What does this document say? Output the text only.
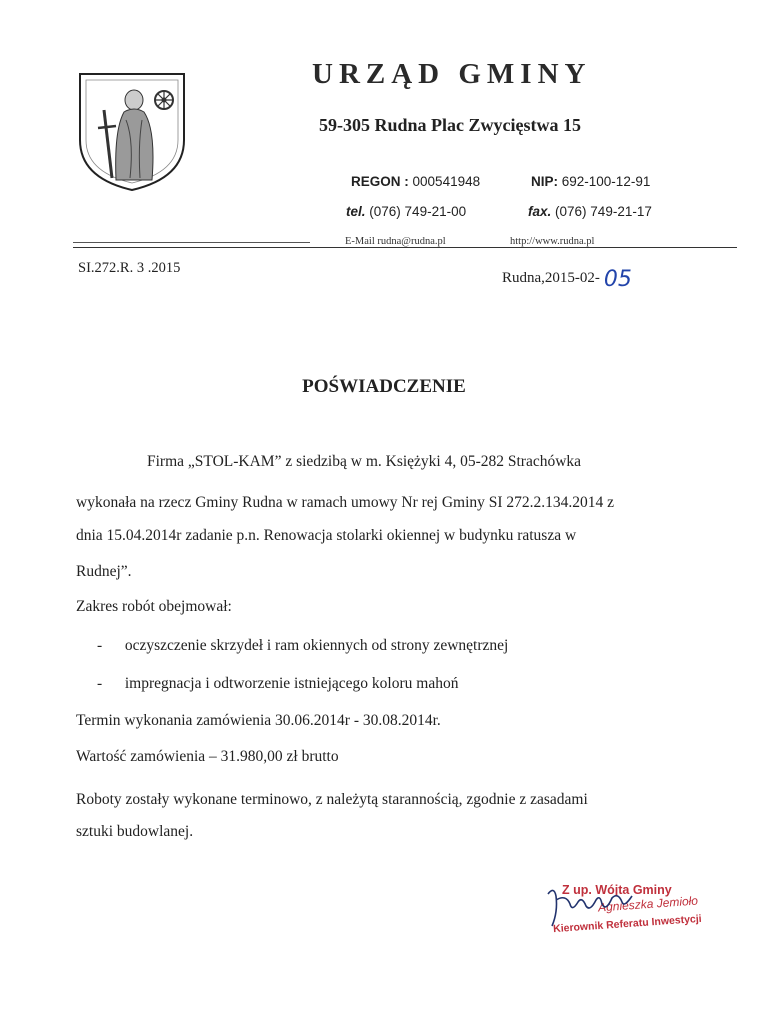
URZĄD GMINY
59-305 Rudna Plac Zwycięstwa 15
REGON : 000541948	NIP: 692-100-12-91
tel. (076) 749-21-00	fax. (076) 749-21-17
E-Mail rudna@rudna.pl	http://www.rudna.pl
SI.272.R. 3 .2015
Rudna,2015-02- 05
POŚWIADCZENIE
Firma „STOL-KAM” z siedzibą w m. Księżyki 4, 05-282 Strachówka
wykonała na rzecz Gminy Rudna w ramach umowy Nr rej Gminy SI 272.2.134.2014 z
dnia 15.04.2014r zadanie p.n. Renowacja stolarki okiennej w budynku ratusza w
Rudnej”.
Zakres robót obejmował:
- oczyszczenie skrzydeł i ram okiennych od strony zewnętrznej
- impregnacja i odtworzenie istniejącego koloru mahoń
Termin wykonania zamówienia 30.06.2014r - 30.08.2014r.
Wartość zamówienia – 31.980,00 zł brutto
Roboty zostały wykonane terminowo, z należytą starannością, zgodnie z zasadami
sztuki budowlanej.
Z up. Wójta Gminy
Agnieszka Jemioło
Kierownik Referatu Inwestycji
